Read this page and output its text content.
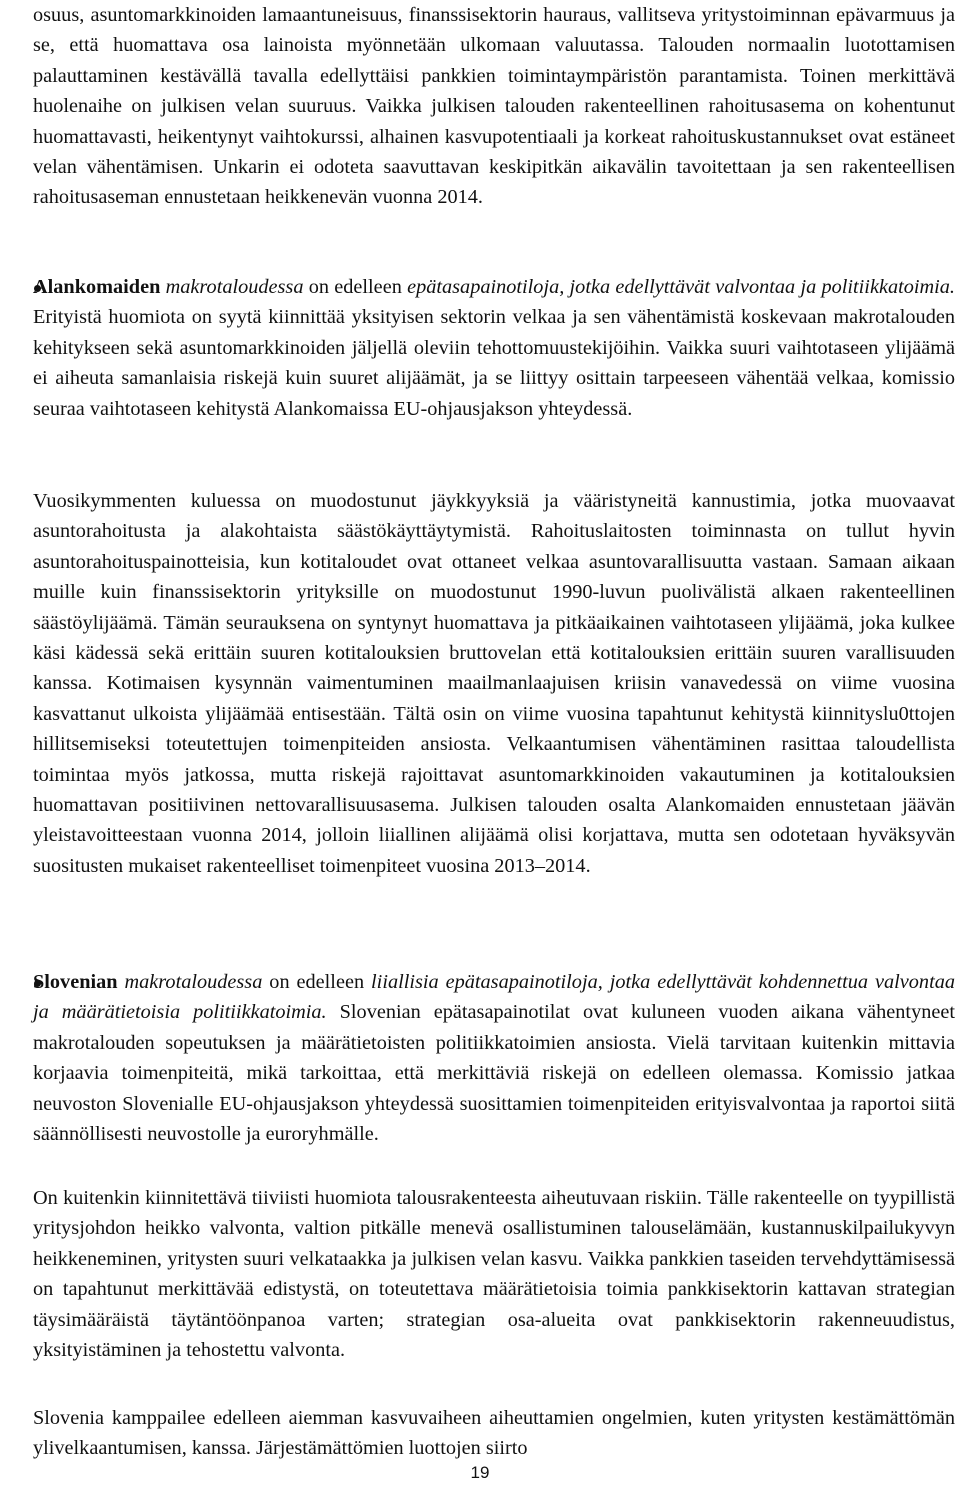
osuus, asuntomarkkinoiden lamaantuneisuus, finanssisektorin hauraus, vallitseva yritystoiminnan epävarmuus ja se, että huomattava osa lainoista myönnetään ulkomaan valuutassa. Talouden normaalin luotottamisen palauttaminen kestävällä tavalla edellyttäisi pankkien toimintaympäristön parantamista. Toinen merkittävä huolenaihe on julkisen velan suuruus. Vaikka julkisen talouden rakenteellinen rahoitusasema on kohentunut huomattavasti, heikentynyt vaihtokurssi, alhainen kasvupotentiaali ja korkeat rahoituskustannukset ovat estäneet velan vähentämisen. Unkarin ei odoteta saavuttavan keskipitkän aikavälin tavoitettaan ja sen rakenteellisen rahoitusaseman ennustetaan heikkenevän vuonna 2014.

Alankomaiden makrotaloudessa on edelleen epätasapainotiloja, jotka edellyttävät valvontaa ja politiikkatoimia. Erityistä huomiota on syytä kiinnittää yksityisen sektorin velkaa ja sen vähentämistä koskevaan makrotalouden kehitykseen sekä asuntomarkkinoiden jäljellä oleviin tehottomuustekijöihin. Vaikka suuri vaihtotaseen ylijäämä ei aiheuta samanlaisia riskejä kuin suuret alijäämät, ja se liittyy osittain tarpeeseen vähentää velkaa, komissio seuraa vaihtotaseen kehitystä Alankomaissa EU-ohjausjakson yhteydessä.

Vuosikymmenten kuluessa on muodostunut jäykkyyksiä ja vääristyneitä kannustimia, jotka muovaavat asuntorahoitusta ja alakohtaista säästökäyttäytymistä. Rahoituslaitosten toiminnasta on tullut hyvin asuntorahoituspainotteisia, kun kotitaloudet ovat ottaneet velkaa asuntovarallisuutta vastaan. Samaan aikaan muille kuin finanssisektorin yrityksille on muodostunut 1990-luvun puolivälistä alkaen rakenteellinen säästöylijäämä. Tämän seurauksena on syntynyt huomattava ja pitkäaikainen vaihtotaseen ylijäämä, joka kulkee käsi kädessä sekä erittäin suuren kotitalouksien bruttovelan että kotitalouksien erittäin suuren varallisuuden kanssa. Kotimaisen kysynnän vaimentuminen maailmanlaajuisen kriisin vanavedessä on viime vuosina kasvattanut ulkoista ylijäämää entisestään. Tältä osin on viime vuosina tapahtunut kehitystä kiinnityslu0ttojen hillitsemiseksi toteutettujen toimenpiteiden ansiosta. Velkaantumisen vähentäminen rasittaa taloudellista toimintaa myös jatkossa, mutta riskejä rajoittavat asuntomarkkinoiden vakautuminen ja kotitalouksien huomattavan positiivinen nettovarallisuusasema. Julkisen talouden osalta Alankomaiden ennustetaan jäävän yleistavoitteestaan vuonna 2014, jolloin liiallinen alijäämä olisi korjattava, mutta sen odotetaan hyväksyvän suositusten mukaiset rakenteelliset toimenpiteet vuosina 2013–2014.

Slovenian makrotaloudessa on edelleen liiallisia epätasapainotiloja, jotka edellyttävät kohdennettua valvontaa ja määrätietoisia politiikkatoimia. Slovenian epätasapainotilat ovat kuluneen vuoden aikana vähentyneet makrotalouden sopeutuksen ja määrätietoisten politiikkatoimien ansiosta. Vielä tarvitaan kuitenkin mittavia korjaavia toimenpiteitä, mikä tarkoittaa, että merkittäviä riskejä on edelleen olemassa. Komissio jatkaa neuvoston Slovenialle EU-ohjausjakson yhteydessä suosittamien toimenpiteiden erityisvalvontaa ja raportoi siitä säännöllisesti neuvostolle ja euroryhmälle.

On kuitenkin kiinnitettävä tiiviisti huomiota talousrakenteesta aiheutuvaan riskiin. Tälle rakenteelle on tyypillistä yritysjohdon heikko valvonta, valtion pitkälle menevä osallistuminen talouselämään, kustannuskilpailukyvyn heikkeneminen, yritysten suuri velkataakka ja julkisen velan kasvu. Vaikka pankkien taseiden tervehdyttämisessä on tapahtunut merkittävää edistystä, on toteutettava määrätietoisia toimia pankkisektorin kattavan strategian täysimääräistä täytäntöönpanoa varten; strategian osa-alueita ovat pankkisektorin rakenneuudistus, yksityistäminen ja tehostettu valvonta.

Slovenia kamppailee edelleen aiemman kasvuvaiheen aiheuttamien ongelmien, kuten yritysten kestämättömän ylivelkaantumisen, kanssa. Järjestämättömien luottojen siirto

19
